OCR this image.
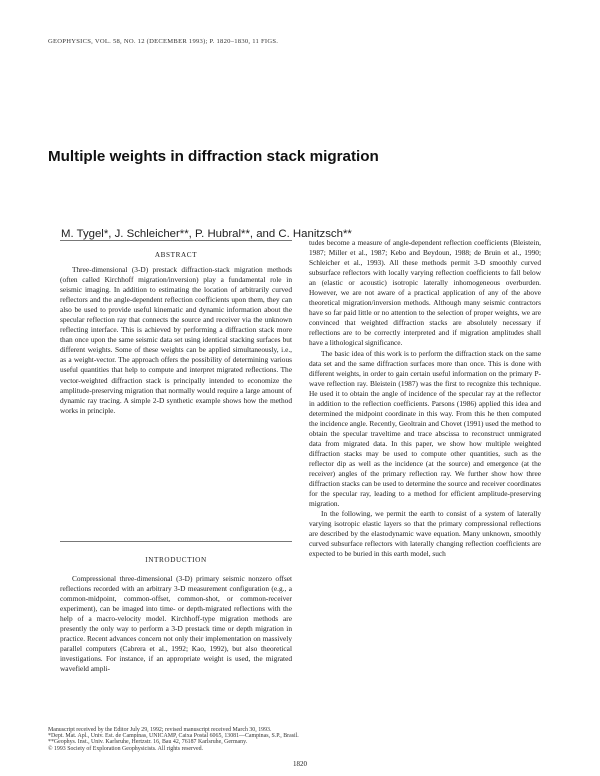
GEOPHYSICS, VOL. 58, NO. 12 (DECEMBER 1993); P. 1820–1830, 11 FIGS.
Multiple weights in diffraction stack migration
M. Tygel*, J. Schleicher**, P. Hubral**, and C. Hanitzsch**
ABSTRACT
Three-dimensional (3-D) prestack diffraction-stack migration methods (often called Kirchhoff migration/inversion) play a fundamental role in seismic imaging. In addition to estimating the location of arbitrarily curved reflectors and the angle-dependent reflection coefficients upon them, they can also be used to provide useful kinematic and dynamic information about the specular reflection ray that connects the source and receiver via the unknown reflecting interface. This is achieved by performing a diffraction stack more than once upon the same seismic data set using identical stacking surfaces but different weights. Some of these weights can be applied simultaneously, i.e., as a weight-vector. The approach offers the possibility of determining various useful quantities that help to compute and interpret migrated reflections. The vector-weighted diffraction stack is principally intended to economize the amplitude-preserving migration that normally would require a large amount of dynamic ray tracing. A simple 2-D synthetic example shows how the method works in principle.
INTRODUCTION

Compressional three-dimensional (3-D) primary seismic nonzero offset reflections recorded with an arbitrary 3-D measurement configuration (e.g., a common-midpoint, common-offset, common-shot, or common-receiver experiment), can be imaged into time- or depth-migrated reflections with the help of a macro-velocity model. Kirchhoff-type migration methods are presently the only way to perform a 3-D prestack time or depth migration in practice. Recent advances concern not only their implementation on massively parallel computers (Cabrera et al., 1992; Kao, 1992), but also theoretical investigations. For instance, if an appropriate weight is used, the migrated wavefield ampli-

tudes become a measure of angle-dependent reflection coefficients (Bleistein, 1987; Miller et al., 1987; Kebo and Beydoun, 1988; de Bruin et al., 1990; Schleicher et al., 1993). All these methods permit 3-D smoothly curved subsurface reflectors with locally varying reflection coefficients to fall below an (elastic or acoustic) isotropic laterally inhomogeneous overburden. However, we are not aware of a practical application of any of the above theoretical migration/inversion methods. Although many seismic contractors have so far paid little or no attention to the selection of proper weights, we are convinced that weighted diffraction stacks are absolutely necessary if reflections are to be correctly interpreted and if migration amplitudes shall have a lithological significance.

The basic idea of this work is to perform the diffraction stack on the same data set and the same diffraction surfaces more than once. This is done with different weights, in order to gain certain useful information on the primary P-wave reflection ray. Bleistein (1987) was the first to recognize this technique. He used it to obtain the angle of incidence of the specular ray at the reflector in addition to the reflection coefficients. Parsons (1986) applied this idea and determined the midpoint coordinate in this way. From this he then computed the incidence angle. Recently, Geoltrain and Chovet (1991) used the method to obtain the specular traveltime and trace abscissa to reconstruct unmigrated data from migrated data. In this paper, we show how multiple weighted diffraction stacks may be used to compute other quantities, such as the reflector dip as well as the incidence (at the source) and emergence (at the receiver) angles of the primary reflection ray. We further show how three diffraction stacks can be used to determine the source and receiver coordinates for the specular ray, leading to a method for efficient amplitude-preserving migration.

In the following, we permit the earth to consist of a system of laterally varying isotropic elastic layers so that the primary compressional reflections are described by the elastodynamic wave equation. Many unknown, smoothly curved subsurface reflectors with laterally changing reflection coefficients are expected to be buried in this earth model, such

Manuscript received by the Editor July 29, 1992; revised manuscript received March 30, 1993.
*Dept. Mat. Apl., Univ. Est. de Campinas, UNICAMP, Caixa Postal 6065, 13081—Campinas, S.P., Brasil.
**Geophys. Inst., Univ. Karlsruhe, Hertzstr. 16, Bau 42, 76187 Karlsruhe, Germany.
© 1993 Society of Exploration Geophysicists. All rights reserved.
1820
